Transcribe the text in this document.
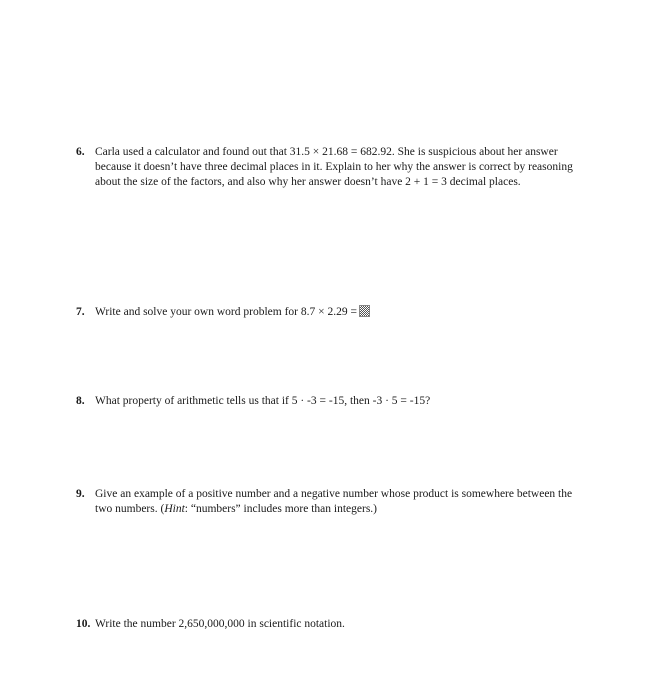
6. Carla used a calculator and found out that 31.5 × 21.68 = 682.92. She is suspicious about her answer because it doesn’t have three decimal places in it. Explain to her why the answer is correct by reasoning about the size of the factors, and also why her answer doesn’t have 2 + 1 = 3 decimal places.
7. Write and solve your own word problem for 8.7 × 2.29 =
8. What property of arithmetic tells us that if 5 · -3 = -15, then -3 · 5 = -15?
9. Give an example of a positive number and a negative number whose product is somewhere between the two numbers. (Hint: “numbers” includes more than integers.)
10. Write the number 2,650,000,000 in scientific notation.
